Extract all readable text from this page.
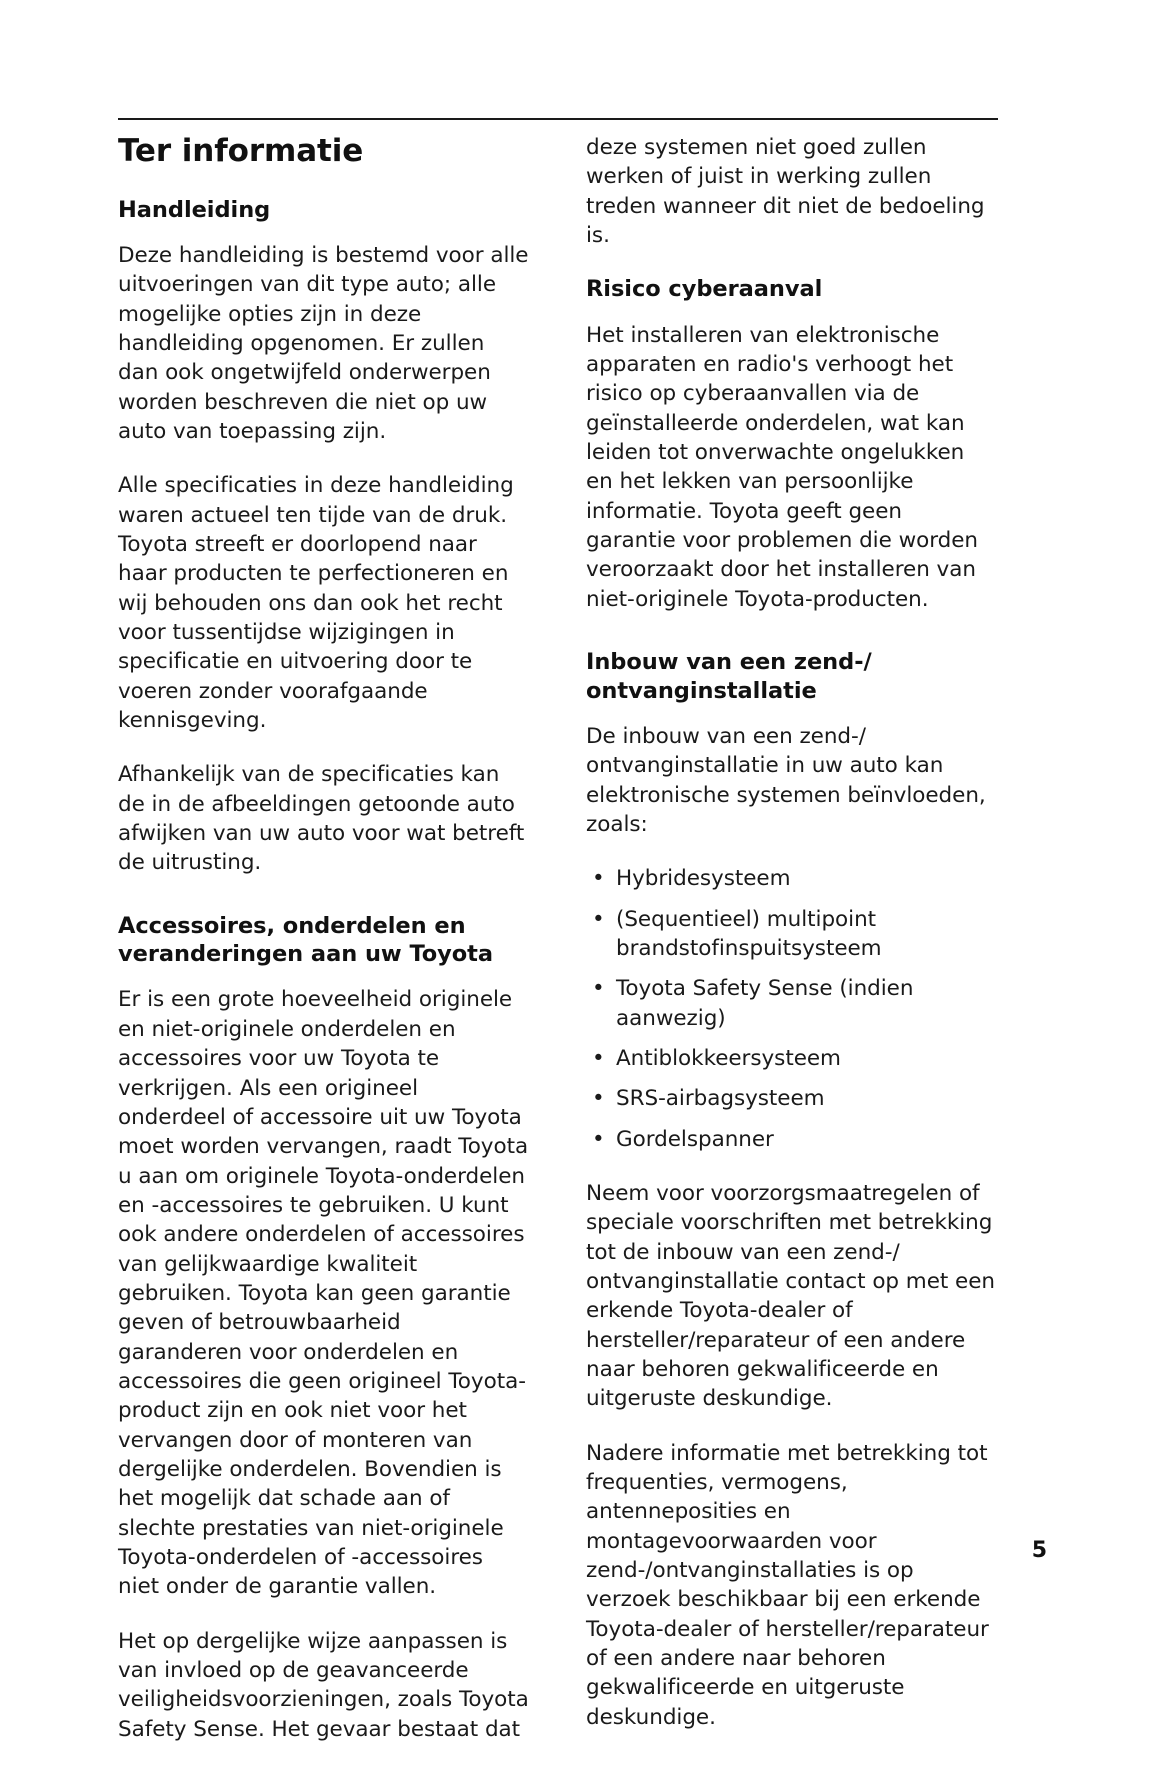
Ter informatie
Handleiding

Deze handleiding is bestemd voor alle uitvoeringen van dit type auto; alle mogelijke opties zijn in deze handleiding opgenomen. Er zullen dan ook ongetwijfeld onderwerpen worden beschreven die niet op uw auto van toepassing zijn.

Alle specificaties in deze handleiding waren actueel ten tijde van de druk. Toyota streeft er doorlopend naar haar producten te perfectioneren en wij behouden ons dan ook het recht voor tussentijdse wijzigingen in specificatie en uitvoering door te voeren zonder voorafgaande kennisgeving.

Afhankelijk van de specificaties kan de in de afbeeldingen getoonde auto afwijken van uw auto voor wat betreft de uitrusting.

Accessoires, onderdelen en veranderingen aan uw Toyota

Er is een grote hoeveelheid originele en niet-originele onderdelen en accessoires voor uw Toyota te verkrijgen. Als een origineel onderdeel of accessoire uit uw Toyota moet worden vervangen, raadt Toyota u aan om originele Toyota-onderdelen en -accessoires te gebruiken. U kunt ook andere onderdelen of accessoires van gelijkwaardige kwaliteit gebruiken. Toyota kan geen garantie geven of betrouwbaarheid garanderen voor onderdelen en accessoires die geen origineel Toyota-product zijn en ook niet voor het vervangen door of monteren van dergelijke onderdelen. Bovendien is het mogelijk dat schade aan of slechte prestaties van niet-originele Toyota-onderdelen of -accessoires niet onder de garantie vallen.

Het op dergelijke wijze aanpassen is van invloed op de geavanceerde veiligheidsvoorzieningen, zoals Toyota Safety Sense. Het gevaar bestaat dat

deze systemen niet goed zullen werken of juist in werking zullen treden wanneer dit niet de bedoeling is.

Risico cyberaanval

Het installeren van elektronische apparaten en radio's verhoogt het risico op cyberaanvallen via de geïnstalleerde onderdelen, wat kan leiden tot onverwachte ongelukken en het lekken van persoonlijke informatie. Toyota geeft geen garantie voor problemen die worden veroorzaakt door het installeren van niet-originele Toyota-producten.

Inbouw van een zend-/ ontvanginstallatie

De inbouw van een zend-/ ontvanginstallatie in uw auto kan elektronische systemen beïnvloeden, zoals:

• Hybridesysteem
• (Sequentieel) multipoint brandstofinspuitsysteem
• Toyota Safety Sense (indien aanwezig)
• Antiblokkeersysteem
• SRS-airbagsysteem
• Gordelspanner

Neem voor voorzorgsmaatregelen of speciale voorschriften met betrekking tot de inbouw van een zend-/ ontvanginstallatie contact op met een erkende Toyota-dealer of hersteller/reparateur of een andere naar behoren gekwalificeerde en uitgeruste deskundige.

Nadere informatie met betrekking tot frequenties, vermogens, antenneposities en montagevoorwaarden voor zend-/ontvanginstallaties is op verzoek beschikbaar bij een erkende Toyota-dealer of hersteller/reparateur of een andere naar behoren gekwalificeerde en uitgeruste deskundige.

5
